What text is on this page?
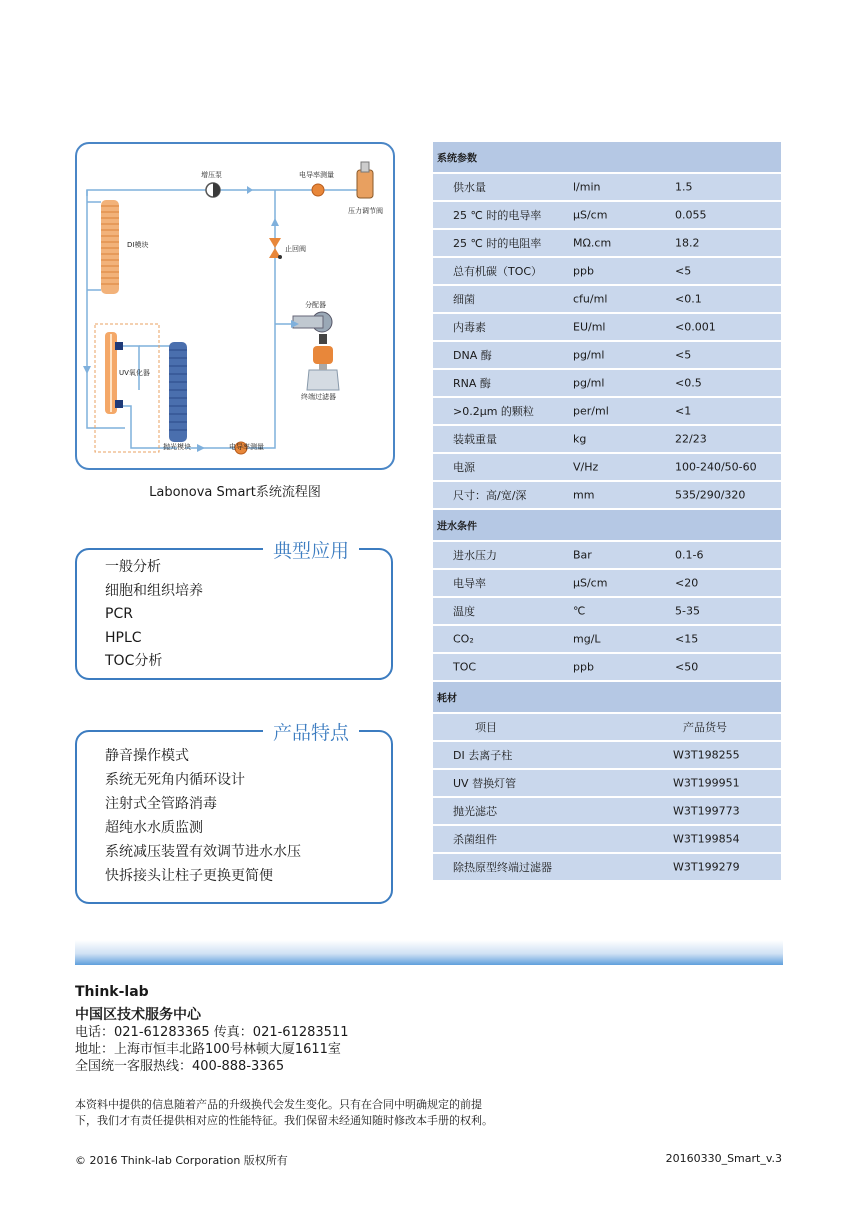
增压泵	电导率测量
压力调节阀
DI模块	止回阀
分配器
终端过滤器
UV氧化器
抛光模块	电导率测量
Labonova Smart系统流程图
典型应用
一般分析
细胞和组织培养
PCR
HPLC
TOC分析
产品特点
静音操作模式
系统无死角内循环设计
注射式全管路消毒
超纯水水质监测
系统减压装置有效调节进水水压
快拆接头让柱子更换更简便
系统参数
供水量	l/min	1.5
25 ℃ 时的电导率	µS/cm	0.055
25 ℃ 时的电阻率	MΩ.cm	18.2
总有机碳（TOC）	ppb	<5
细菌	cfu/ml	<0.1
内毒素	EU/ml	<0.001
DNA 酶	pg/ml	<5
RNA 酶	pg/ml	<0.5
>0.2µm 的颗粒	per/ml	<1
装载重量	kg	22/23
电源	V/Hz	100-240/50-60
尺寸：高/宽/深	mm	535/290/320
进水条件
进水压力	Bar	0.1-6
电导率	µS/cm	<20
温度	℃	5-35
CO₂	mg/L	<15
TOC	ppb	<50
耗材
项目	产品货号
DI 去离子柱	W3T198255
UV 替换灯管	W3T199951
抛光滤芯	W3T199773
杀菌组件	W3T199854
除热原型终端过滤器	W3T199279
Think-lab
中国区技术服务中心
电话：021-61283365 传真：021-61283511
地址：上海市恒丰北路100号林顿大厦1611室
全国统一客服热线：400-888-3365
本资料中提供的信息随着产品的升级换代会发生变化。只有在合同中明确规定的前提
下，我们才有责任提供相对应的性能特征。我们保留未经通知随时修改本手册的权利。
© 2016 Think-lab Corporation 版权所有	20160330_Smart_v.3
